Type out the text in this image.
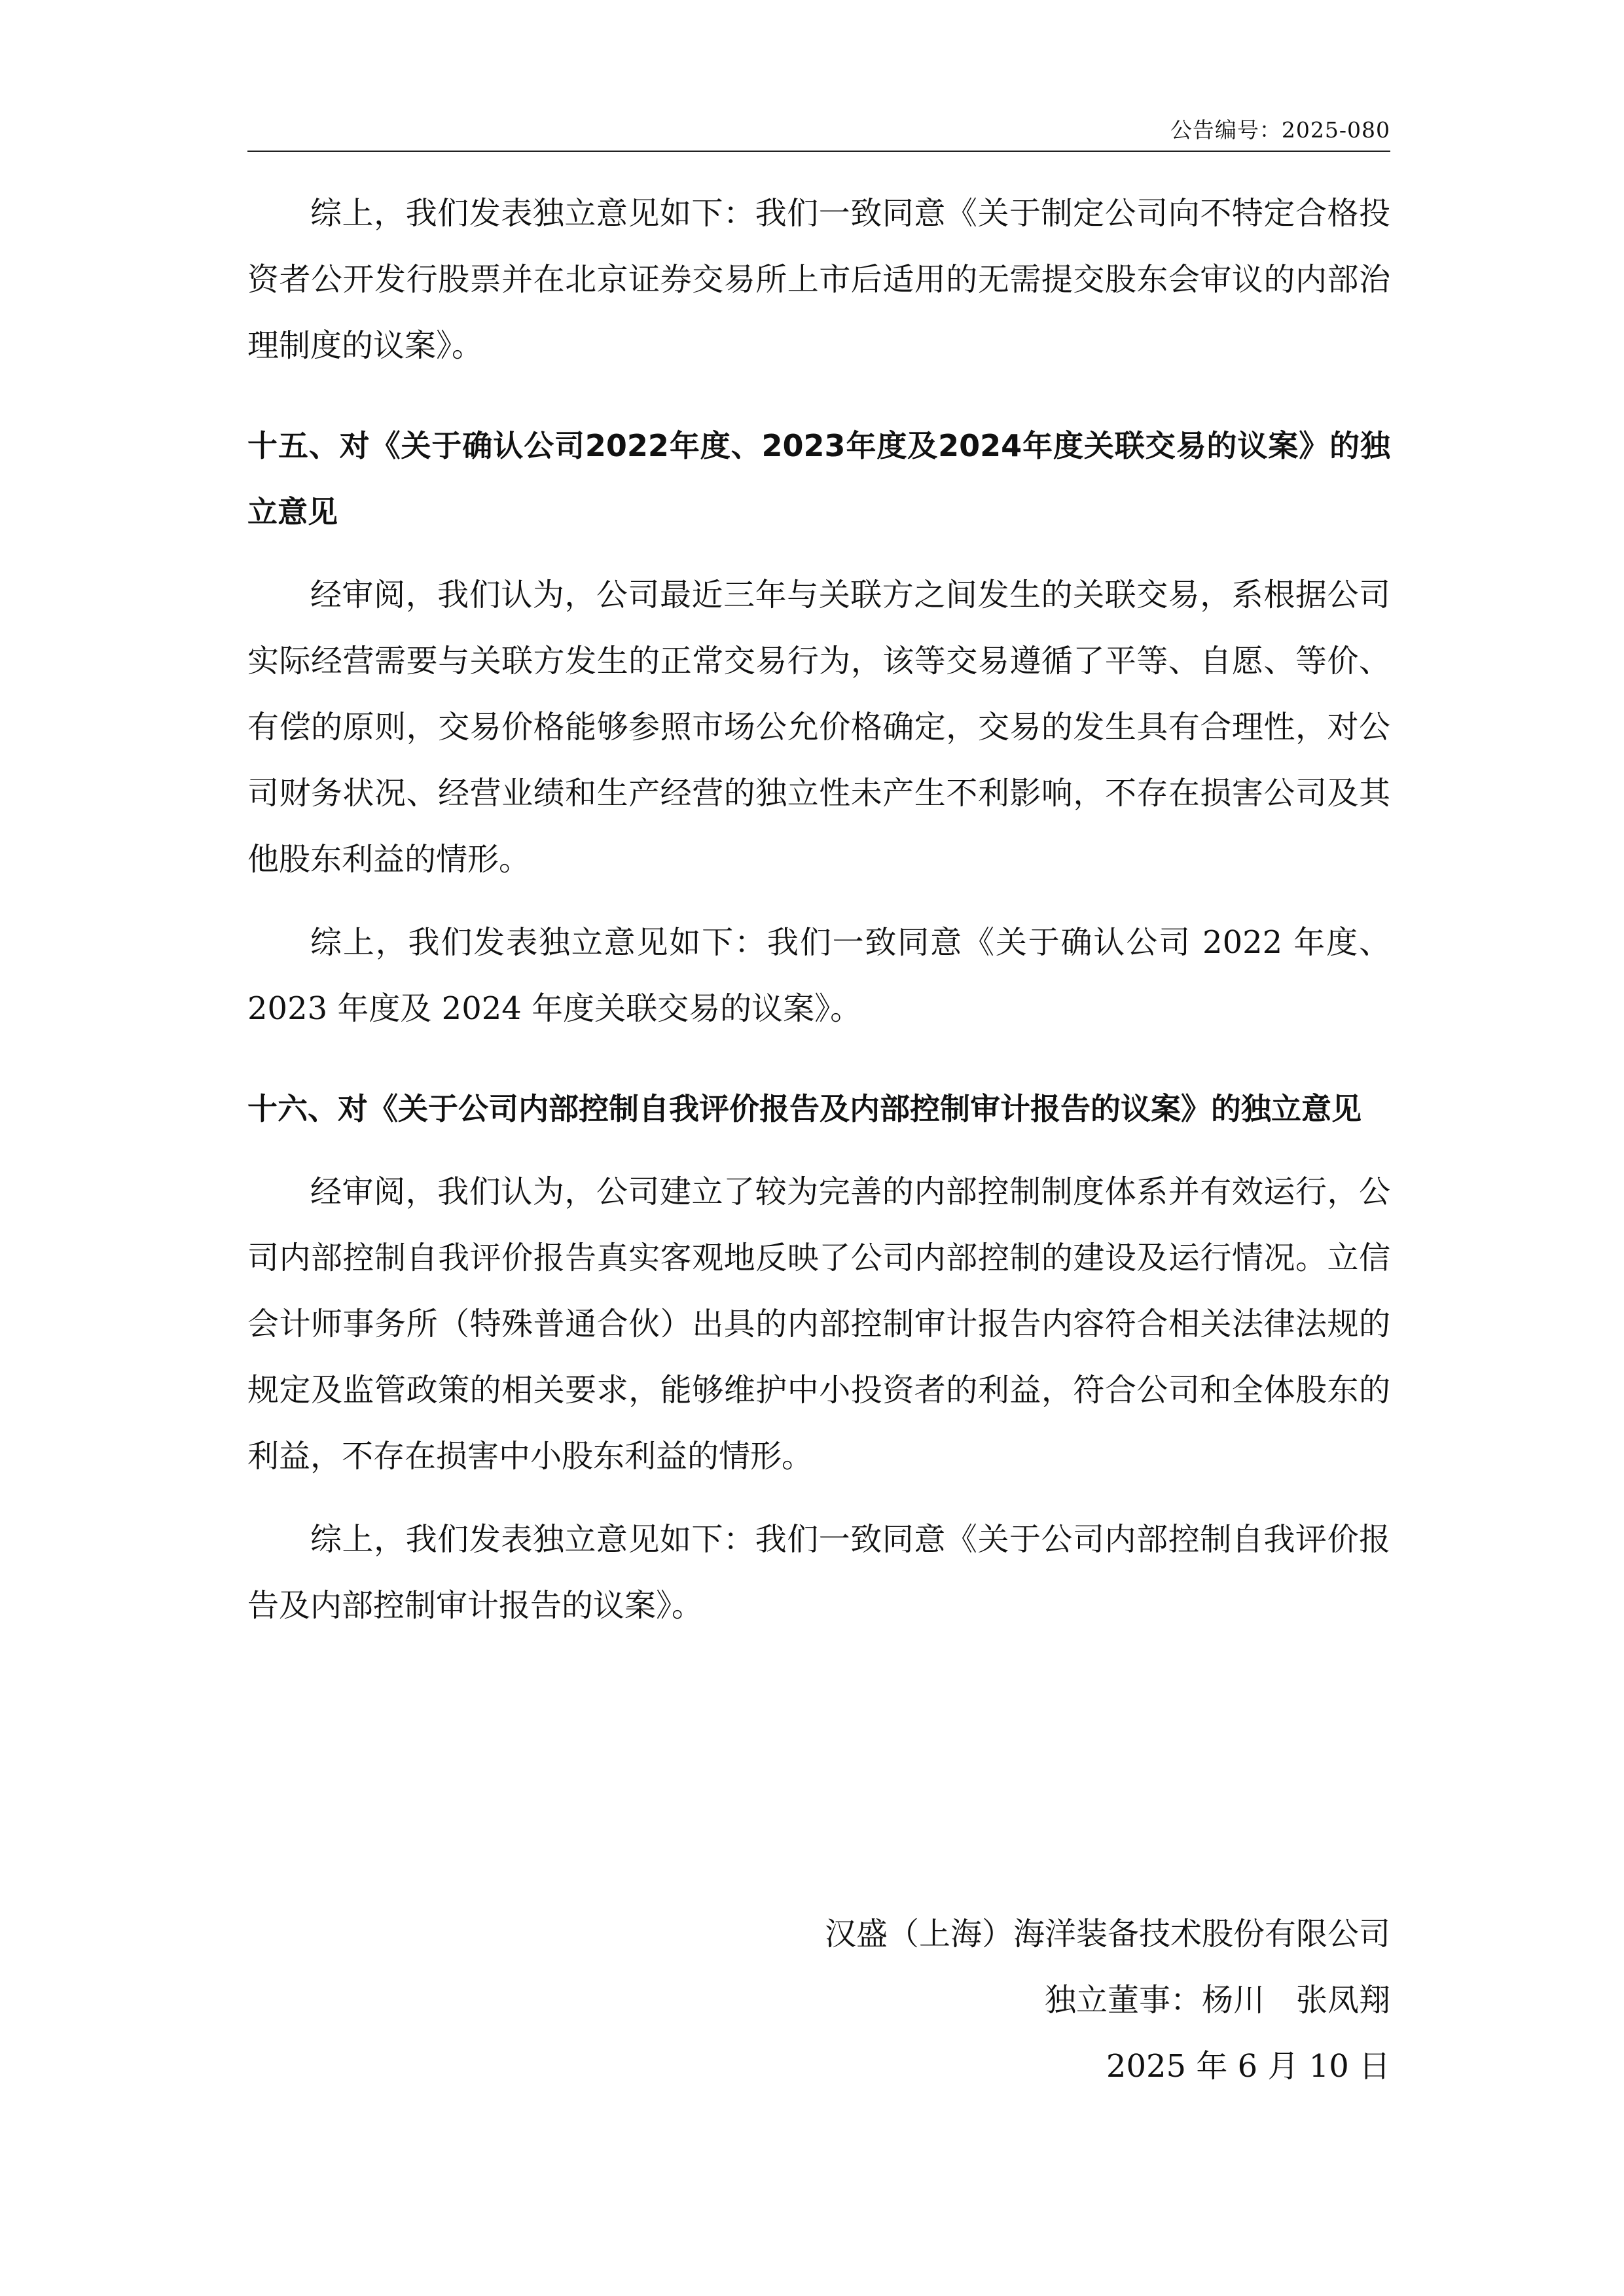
公告编号：2025-080

综上，我们发表独立意见如下：我们一致同意《关于制定公司向不特定合格投资者公开发行股票并在北京证券交易所上市后适用的无需提交股东会审议的内部治理制度的议案》。

十五、对《关于确认公司2022年度、2023年度及2024年度关联交易的议案》的独立意见

经审阅，我们认为，公司最近三年与关联方之间发生的关联交易，系根据公司实际经营需要与关联方发生的正常交易行为，该等交易遵循了平等、自愿、等价、有偿的原则，交易价格能够参照市场公允价格确定，交易的发生具有合理性，对公司财务状况、经营业绩和生产经营的独立性未产生不利影响，不存在损害公司及其他股东利益的情形。

综上，我们发表独立意见如下：我们一致同意《关于确认公司 2022 年度、2023 年度及 2024 年度关联交易的议案》。

十六、对《关于公司内部控制自我评价报告及内部控制审计报告的议案》的独立意见

经审阅，我们认为，公司建立了较为完善的内部控制制度体系并有效运行，公司内部控制自我评价报告真实客观地反映了公司内部控制的建设及运行情况。立信会计师事务所（特殊普通合伙）出具的内部控制审计报告内容符合相关法律法规的规定及监管政策的相关要求，能够维护中小投资者的利益，符合公司和全体股东的利益，不存在损害中小股东利益的情形。

综上，我们发表独立意见如下：我们一致同意《关于公司内部控制自我评价报告及内部控制审计报告的议案》。

汉盛（上海）海洋装备技术股份有限公司
独立董事：杨川　张凤翔
2025 年 6 月 10 日
